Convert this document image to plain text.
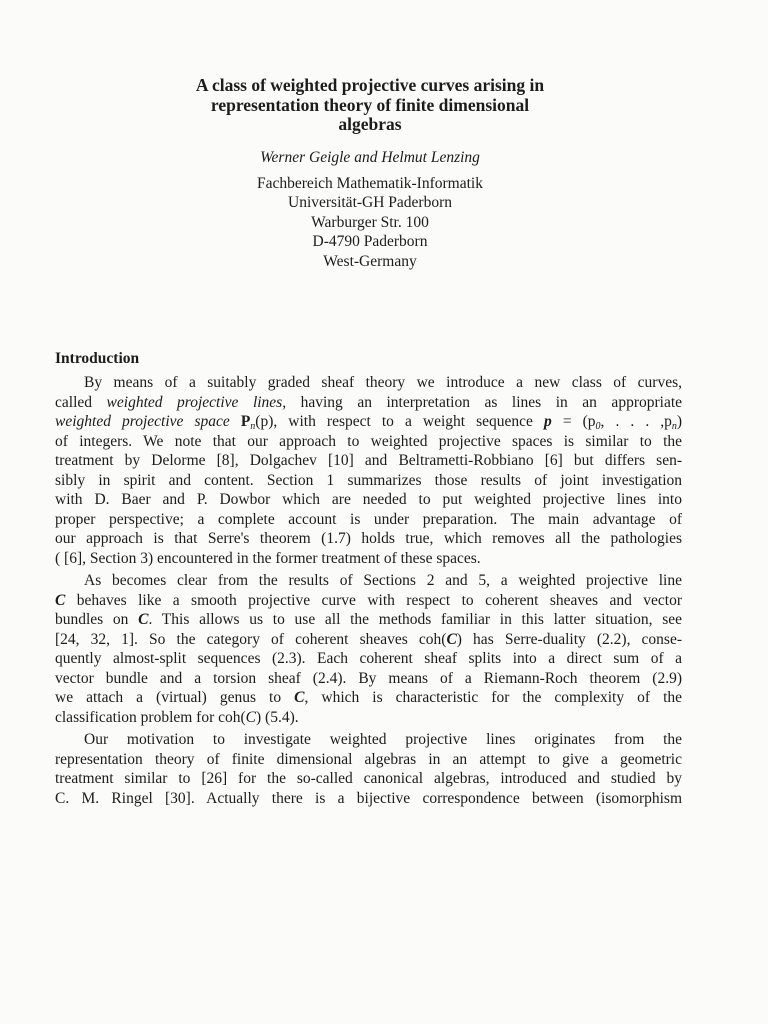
A class of weighted projective curves arising in
representation theory of finite dimensional
algebras
Werner Geigle and Helmut Lenzing
Fachbereich Mathematik-Informatik
Universität-GH Paderborn
Warburger Str. 100
D-4790 Paderborn
West-Germany
Introduction
By means of a suitably graded sheaf theory we introduce a new class of curves,
called weighted projective lines, having an interpretation as lines in an appropriate
weighted projective space $P_n(p)$, with respect to a weight sequence $p = (p_0$, . . . $,p_n$)
of integers. We note that our approach to weighted projective spaces is similar to the
treatment by Delorme [8], Dolgachev [10] and Beltrametti-Robbiano [6] but differs sen-
sibly in spirit and content. Section 1 summarizes those results of joint investigation
with D. Baer and P. Dowbor which are needed to put weighted projective lines into
proper perspective; a complete account is under preparation. The main advantage of
our approach is that Serre's theorem (1.7) holds true, which removes all the pathologies
( [6], Section 3) encountered in the former treatment of these spaces.
As becomes clear from the results of Sections 2 and 5, a weighted projective line
C behaves like a smooth projective curve with respect to coherent sheaves and vector
bundles on C. This allows us to use all the methods familiar in this latter situation, see
[24, 32, 1]. So the category of coherent sheaves coh(C) has Serre-duality (2.2), conse-
quently almost-split sequences (2.3). Each coherent sheaf splits into a direct sum of a
vector bundle and a torsion sheaf (2.4). By means of a Riemann-Roch theorem (2.9)
we attach a (virtual) genus to C, which is characteristic for the complexity of the
classification problem for coh(C) (5.4).
Our motivation to investigate weighted projective lines originates from the
representation theory of finite dimensional algebras in an attempt to give a geometric
treatment similar to [26] for the so-called canonical algebras, introduced and studied by
C. M. Ringel [30]. Actually there is a bijective correspondence between (isomorphism
